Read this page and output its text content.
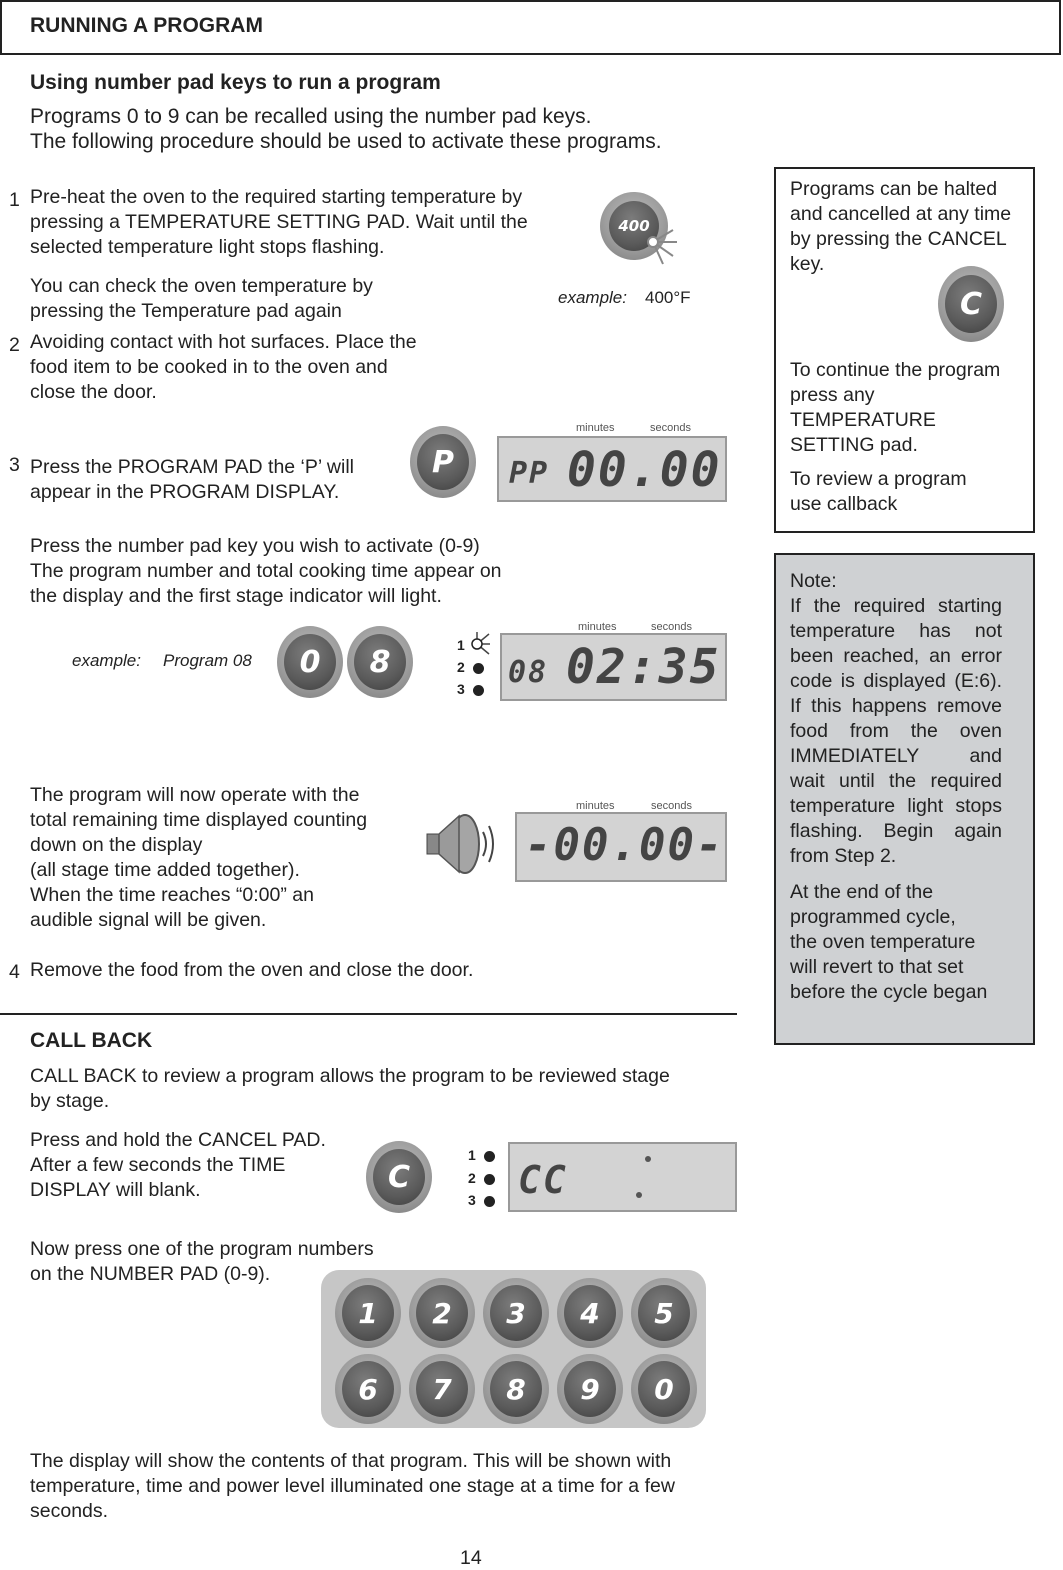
RUNNING A PROGRAM
Using number pad keys to run a program
Programs 0 to 9 can be recalled using the number pad keys.
The following procedure should be used to activate these programs.
1 Pre-heat the oven to the required starting temperature by
pressing a TEMPERATURE SETTING PAD. Wait until the
selected temperature light stops flashing.
You can check the oven temperature by
pressing the Temperature pad again
400
example: 400°F
2 Avoiding contact with hot surfaces. Place the
food item to be cooked in to the oven and
close the door.
3 Press the PROGRAM PAD the ‘P’ will
appear in the PROGRAM DISPLAY.
P
minutes	seconds
PP 00.00
Press the number pad key you wish to activate (0-9)
The program number and total cooking time appear on
the display and the first stage indicator will light.
example: Program 08	0	8	1
2
3
minutes	seconds
08 02:35
The program will now operate with the
total remaining time displayed counting
down on the display
(all stage time added together).
When the time reaches “0:00” an
audible signal will be given.
minutes	seconds
-00.00-
4 Remove the food from the oven and close the door.
CALL BACK
CALL BACK to review a program allows the program to be reviewed stage
by stage.
Press and hold the CANCEL PAD.
After a few seconds the TIME
DISPLAY will blank.	C
1
2
3 CC
Now press one of the program numbers
on the NUMBER PAD (0-9).
1	2	3	4	5
6	7	8	9	0
The display will show the contents of that program. This will be shown with
temperature, time and power level illuminated one stage at a time for a few
seconds.
Programs can be halted
and cancelled at any time
by pressing the CANCEL
key.
C
To continue the program
press any
TEMPERATURE
SETTING pad.
To review a program
use callback
Note:
If the required starting
temperature has not
been reached, an error
code is displayed (E:6).
If this happens remove
food from the oven
IMMEDIATELY and
wait until the required
temperature light stops
flashing. Begin again
from Step 2.
At the end of the
programmed cycle,
the oven temperature
will revert to that set
before the cycle began
14
